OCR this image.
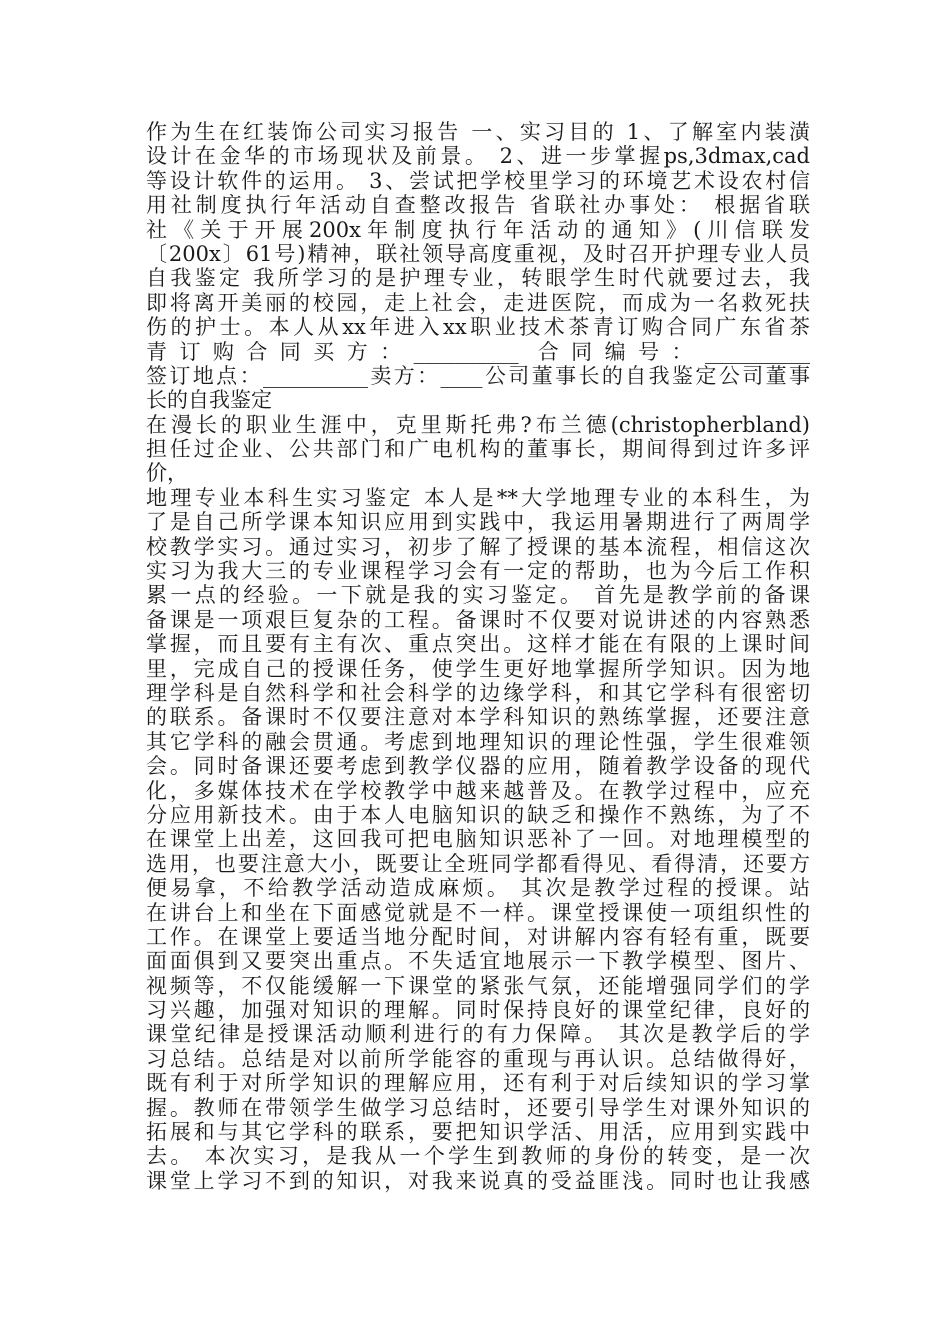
作为生在红装饰公司实习报告 一、实习目的 1、了解室内装潢
设计在金华的市场现状及前景。 2、进一步掌握ps,3dmax,cad
等设计软件的运用。 3、尝试把学校里学习的环境艺术设农村信
用社制度执行年活动自查整改报告 省联社办事处： 根据省联
社《关于开展200x年制度执行年活动的通知》(川信联发
〔200x〕61号)精神，联社领导高度重视，及时召开护理专业人员
自我鉴定 我所学习的是护理专业，转眼学生时代就要过去，我
即将离开美丽的校园，走上社会，走进医院，而成为一名救死扶
伤的护士。本人从xx年进入xx职业技术茶青订购合同广东省茶
青订购合同买方：__________ 合同编号：__________
签订地点：__________卖方：____公司董事长的自我鉴定公司董事
长的自我鉴定
在漫长的职业生涯中，克里斯托弗?布兰德(christopherbland)
担任过企业、公共部门和广电机构的董事长，期间得到过许多评
价，
地理专业本科生实习鉴定 本人是**大学地理专业的本科生，为
了是自己所学课本知识应用到实践中，我运用暑期进行了两周学
校教学实习。通过实习，初步了解了授课的基本流程，相信这次
实习为我大三的专业课程学习会有一定的帮助，也为今后工作积
累一点的经验。一下就是我的实习鉴定。 首先是教学前的备课
备课是一项艰巨复杂的工程。备课时不仅要对说讲述的内容熟悉
掌握，而且要有主有次、重点突出。这样才能在有限的上课时间
里，完成自己的授课任务，使学生更好地掌握所学知识。因为地
理学科是自然科学和社会科学的边缘学科，和其它学科有很密切
的联系。备课时不仅要注意对本学科知识的熟练掌握，还要注意
其它学科的融会贯通。考虑到地理知识的理论性强，学生很难领
会。同时备课还要考虑到教学仪器的应用，随着教学设备的现代
化，多媒体技术在学校教学中越来越普及。在教学过程中，应充
分应用新技术。由于本人电脑知识的缺乏和操作不熟练，为了不
在课堂上出差，这回我可把电脑知识恶补了一回。对地理模型的
选用，也要注意大小，既要让全班同学都看得见、看得清，还要方
便易拿，不给教学活动造成麻烦。 其次是教学过程的授课。站
在讲台上和坐在下面感觉就是不一样。课堂授课使一项组织性的
工作。在课堂上要适当地分配时间，对讲解内容有轻有重，既要
面面俱到又要突出重点。不失适宜地展示一下教学模型、图片、
视频等，不仅能缓解一下课堂的紧张气氛，还能增强同学们的学
习兴趣，加强对知识的理解。同时保持良好的课堂纪律，良好的
课堂纪律是授课活动顺利进行的有力保障。 其次是教学后的学
习总结。总结是对以前所学能容的重现与再认识。总结做得好，
既有利于对所学知识的理解应用，还有利于对后续知识的学习掌
握。教师在带领学生做学习总结时，还要引导学生对课外知识的
拓展和与其它学科的联系，要把知识学活、用活，应用到实践中
去。 本次实习，是我从一个学生到教师的身份的转变，是一次
课堂上学习不到的知识，对我来说真的受益匪浅。同时也让我感
